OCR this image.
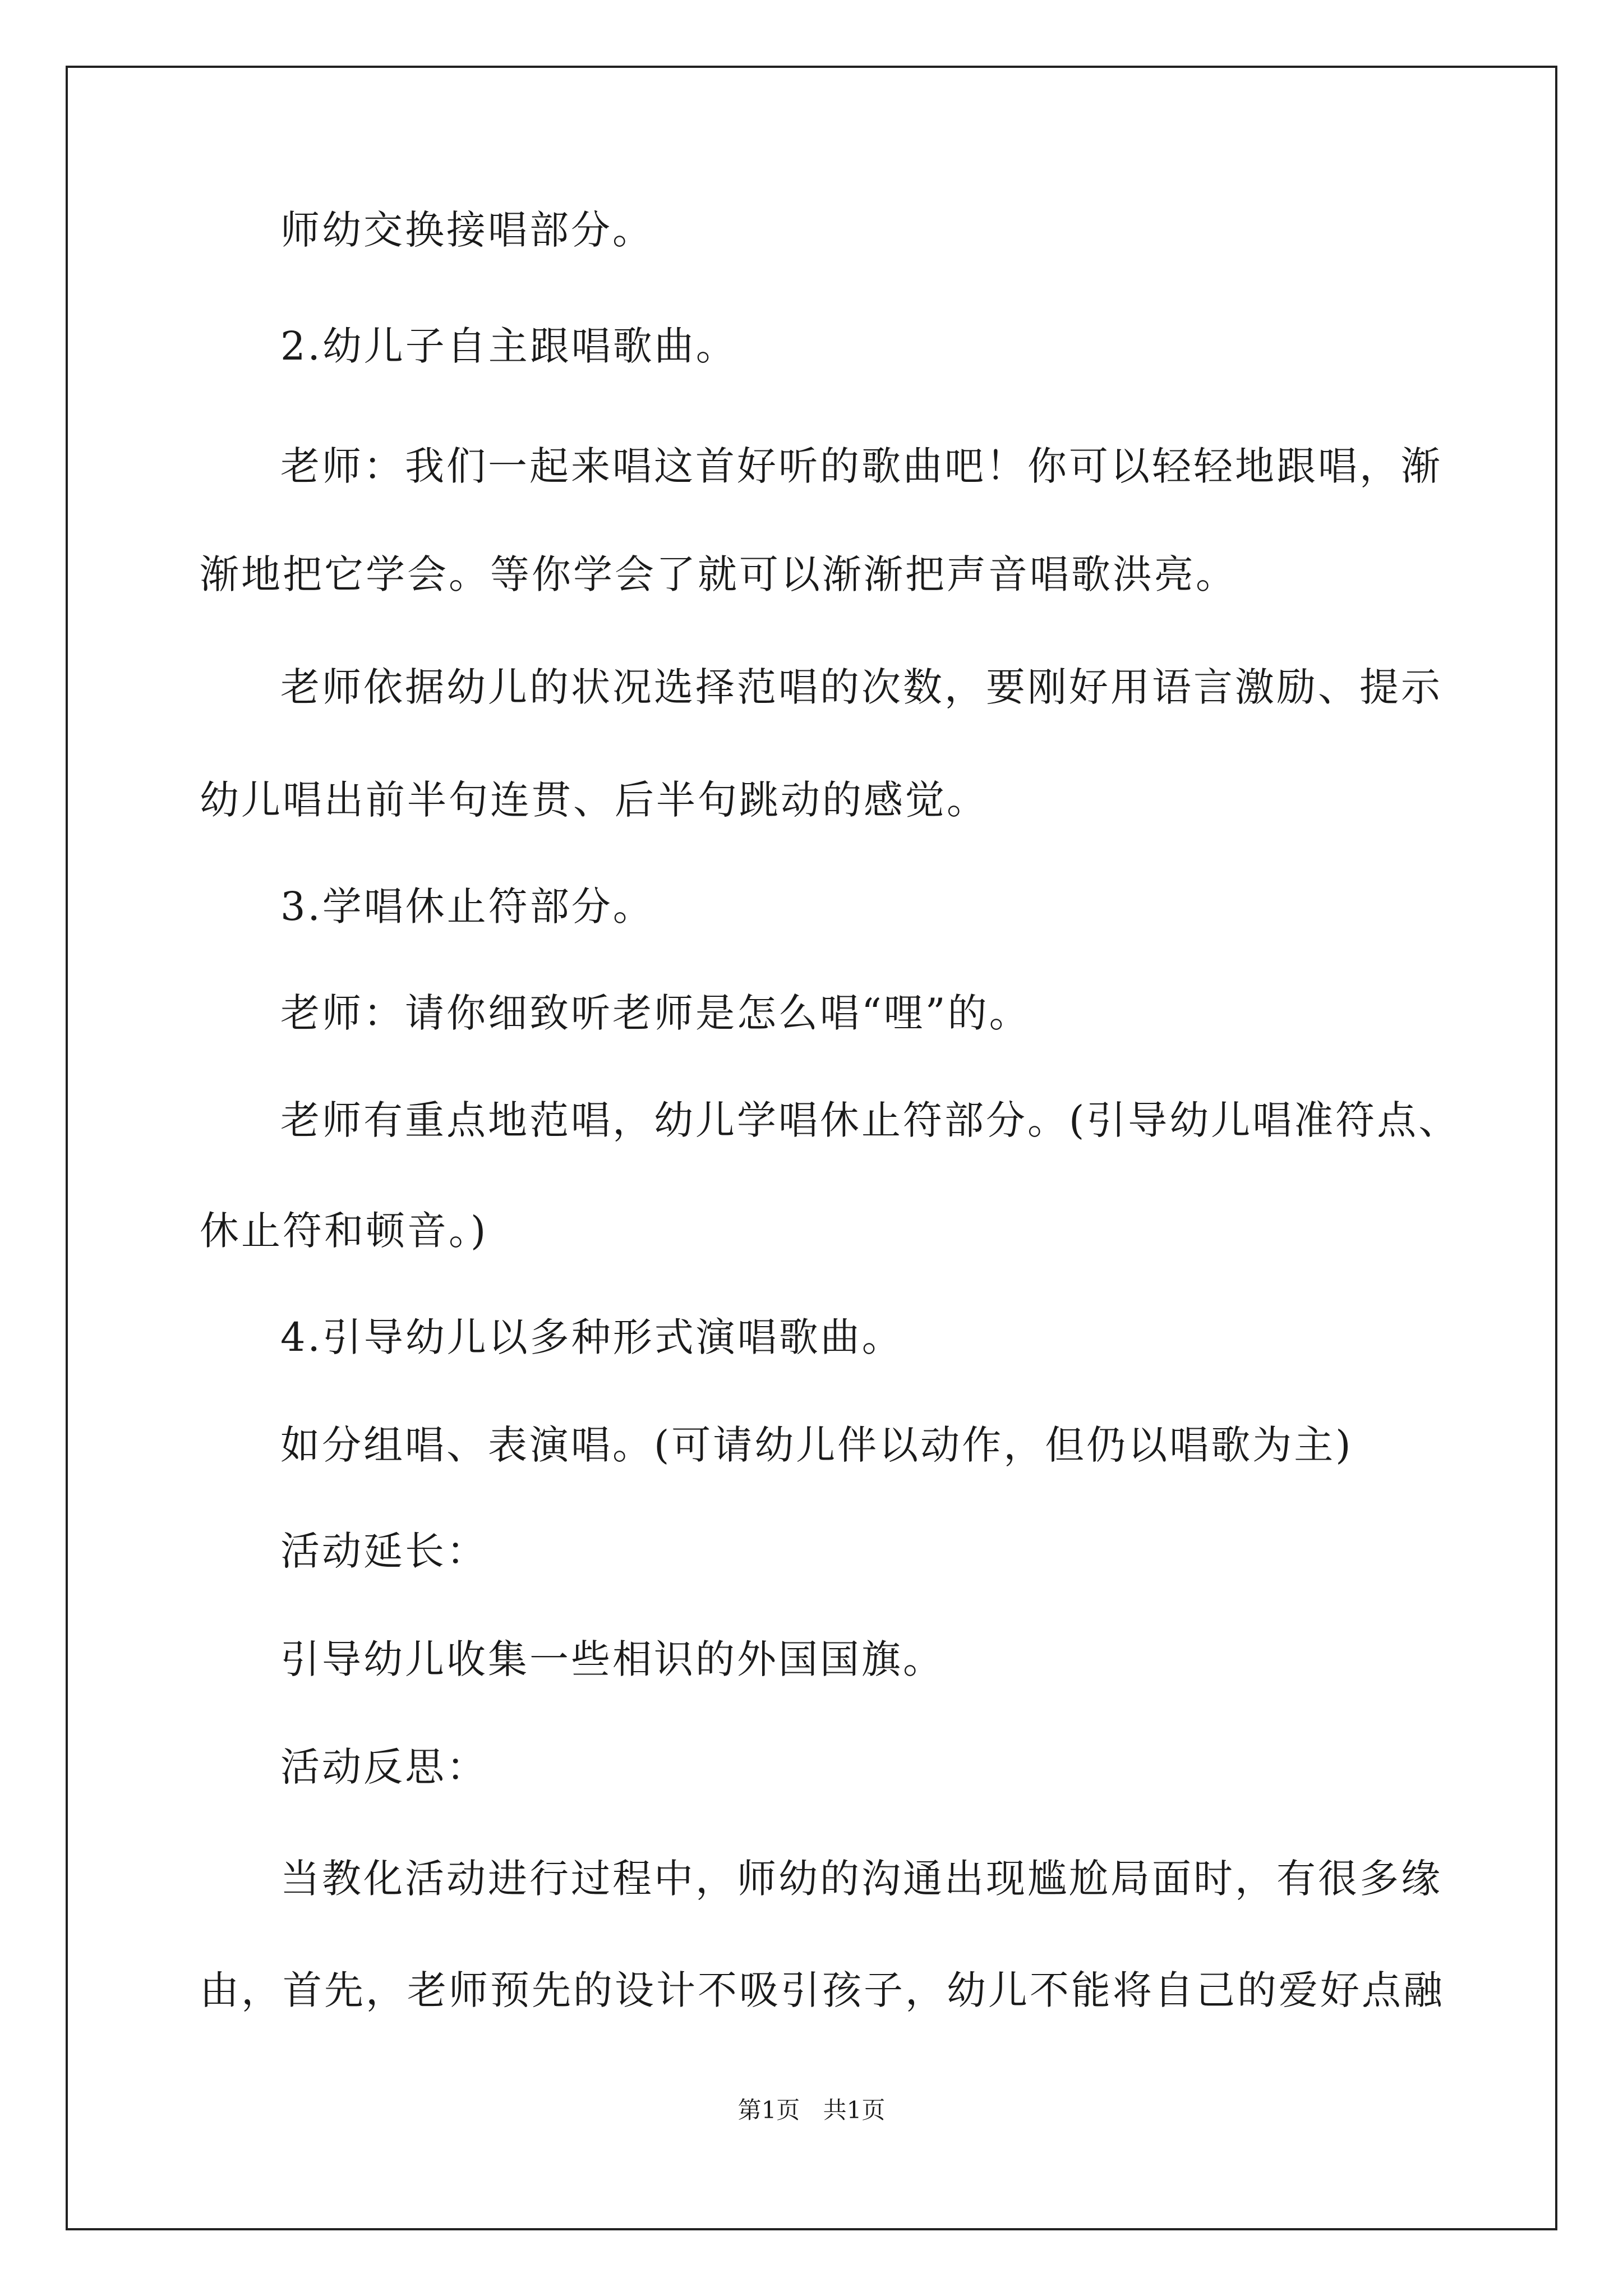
师幼交换接唱部分。
2.幼儿子自主跟唱歌曲。
老师：我们一起来唱这首好听的歌曲吧！你可以轻轻地跟唱，渐
渐地把它学会。等你学会了就可以渐渐把声音唱歌洪亮。
老师依据幼儿的状况选择范唱的次数，要刚好用语言激励、提示
幼儿唱出前半句连贯、后半句跳动的感觉。
3.学唱休止符部分。
老师：请你细致听老师是怎么唱“哩”的。
老师有重点地范唱，幼儿学唱休止符部分。(引导幼儿唱准符点、
休止符和顿音。)
4.引导幼儿以多种形式演唱歌曲。
如分组唱、表演唱。(可请幼儿伴以动作，但仍以唱歌为主)
活动延长：
引导幼儿收集一些相识的外国国旗。
活动反思：
当教化活动进行过程中，师幼的沟通出现尴尬局面时，有很多缘
由，首先，老师预先的设计不吸引孩子，幼儿不能将自己的爱好点融
第1页 共1页
